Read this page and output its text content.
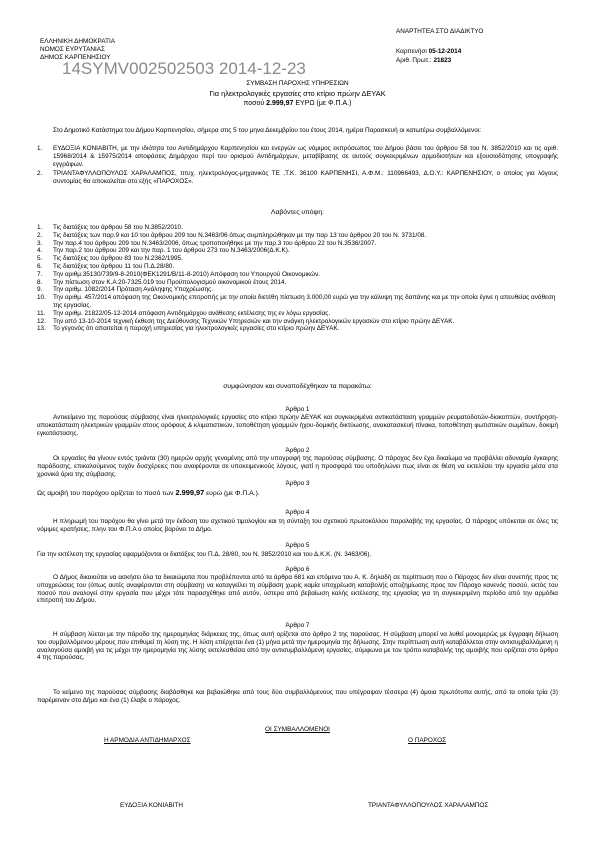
ΑΝΑΡΤΗΤΕΑ ΣΤΟ ΔΙΑΔΙΚΤΥΟ
ΕΛΛΗΝΙΚΗ ΔΗΜΟΚΡΑΤΙΑ
ΝΟΜΟΣ ΕΥΡΥΤΑΝΙΑΣ
ΔΗΜΟΣ ΚΑΡΠΕΝΗΣΙΟΥ
Καρπενήσι 05-12-2014
Αριθ. Πρωτ.: 21823
14SYMV002502503 2014-12-23
ΣΥΜΒΑΣΗ ΠΑΡΟΧΗΣ ΥΠΗΡΕΣΙΩΝ
Για ηλεκτρολογικές εργασίες στο κτίριο πρώην ΔΕΥΑΚ
ποσού 2.999,97 ΕΥΡΩ (με Φ.Π.Α.)
Στο Δημοτικό Κατάστημα του Δήμου Καρπενησίου, σήμερα στις 5 του μηνα Δεκεμβρίου του έτους 2014, ημέρα Παρασκευή οι κατωτέρω συμβαλλόμενοι:
1.	ΕΥΔΟΞΙΑ ΚΟΝΙΑΒΙΤΗ, με την ιδιότητα του Αντιδημάρχου Καρπενησίου και ενεργών ως νόμιμος εκπρόσωπος του Δήμου βάσει του άρθρου 58 του Ν. 3852/2010 και τις αριθ. 15968/2014 & 15975/2014 αποφάσεις Δημάρχου περί του ορισμού Αντιδημάρχων, μεταβίβασης σε αυτούς συγκεκριμένων αρμοδιοτήτων και εξουσιοδότησης υπογραφής εγγράφων.
2.	ΤΡΙΑΝΤΑΦΥΛΛΟΠΟΥΛΟΣ ΧΑΡΑΛΑΜΠΟΣ, πτυχ. ηλεκτρολόγος-μηχανικός ΤΕ ,Τ.Κ. 36100 ΚΑΡΠΕΝΗΣΙ, Α.Φ.Μ.: 110966493, Δ.Ο.Υ.: ΚΑΡΠΕΝΗΣΙΟΥ, ο οποίος για λόγους συντομίας θα αποκαλείται στο εξής «ΠΑΡΟΧΟΣ».
Λαβόντες υπόψη:
1.	Τις διατάξεις του άρθρου 58 του Ν.3852/2010.
2.	Τις διατάξεις των παρ.9 και 10 του άρθρου 209 του Ν.3463/06 όπως συμπληρώθηκαν με την παρ 13 του άρθρου 20 του Ν. 3731/08.
3.	Την παρ.4 του άρθρου 209 του Ν.3463/2006, όπως τροποποιήθηκε με την παρ.3 του άρθρου 22 του Ν.3536/2007.
4.	Την παρ.2 του άρθρου 209 και την παρ. 1 του άρθρου 273 του Ν.3463/2006(Δ.Κ.Κ).
5.	Τις διατάξεις του άρθρου 83 του Ν.2362/1995.
6.	Τις διατάξεις του άρθρου 11 του Π.Δ.28/80.
7.	Την αριθμ.35130/739/9-8-2010(ΦΕΚ1291/Β/11-8-2010) Απόφαση του Υπουργού Οικονομικών.
8.	Την πίστωση στον Κ.Α 20-7325.019 του Προϋπολογισμού οικονομικού έτους 2014.
9.	Την αριθμ. 1082/2014 Πρόταση Ανάληψης Υποχρέωσης.
10.	Την αριθμ. 457/2014 απόφαση της Οικονομικής επιτροπής με την οποία διετέθη πίστωση 3.000,00 ευρώ για την κάλυψη της δαπάνης και με την οποία έγινε η απευθείας ανάθεση της εργασίας.
11.	Την αριθμ. 21822/05-12-2014 απόφαση Αντιδημάρχου ανάθεσης εκτέλεσης της εν λόγω εργασίας.
12.	Την από 13-10-2014 τεχνική έκθεση της Διεύθυνσης Τεχνικών Υπηρεσιών και την ανάγκη ηλεκτρολογικών εργασιών στο κτίριο πρώην ΔΕΥΑΚ.
13.	Το γεγονός ότι απαιτείται η παροχή υπηρεσίας για ηλεκτρολογικές εργασίες στο κτίριο πρώην ΔΕΥΑΚ.
συμφώνησαν και συναποδέχθηκαν τα παρακάτω:
Άρθρο 1
Αντικείμενο της παρούσας σύμβασης είναι ηλεκτρολογικές εργασίες στο κτίριο πρώην ΔΕΥΑΚ και συγκεκριμένα αντικατάσταση γραμμών ρευματοδοτών-διακοπτών, συντήρηση-αποκατάσταση ηλεκτρικών γραμμών στους ορόφους & κλιματιστικών, τοποθέτηση γραμμών ήχου-δομικής δικτύωσης, ανακατασκευή πίνακα, τοποθέτηση φωτιστικών σωμάτων, δοκιμή εγκατάστασης.
Άρθρο 2
Οι εργασίες θα γίνουν εντός τριάντα (30) ημερών αρχής γενομένης από την υπογραφή της παρούσας σύμβασης. Ο πάροχος δεν έχει δικαίωμα να προβάλλει αδυναμία έγκαιρης παράδοσης, επικαλούμενος τυχόν δυσχέρειες που αναφέρονται σε υποκειμενικούς λόγους, γιατί η προσφορά του υποδηλώνει πως είναι σε θέση να εκτελέσει την εργασία μέσα στα χρονικά όρια της σύμβασης.
Άρθρο 3
Ως αμοιβή του παρόχου ορίζεται το ποσό των 2.999,97 ευρώ (με Φ.Π.Α.).
Άρθρο 4
Η πληρωμή του παρόχου θα γίνει μετά την έκδοση του σχετικού τιμολογίου και τη σύνταξη του σχετικού πρωτοκόλλου παραλαβής της εργασίας. Ο πάροχος υπόκειται σε όλες τις νόμιμες κρατήσεις, πλην του Φ.Π.Α ο οποίος βαρύνει το Δήμο.
Άρθρο 5
Για την εκτέλεση της εργασίας εφαρμόζονται οι διατάξεις του Π.Δ. 28/80, του Ν. 3852/2010 και του Δ.Κ.Κ. (Ν. 3463/06).
Άρθρο 6
Ο Δήμος δικαιούται να ασκήσει όλα τα δικαιώματα που προβλέπονται από τα άρθρα 681 και επόμενα του Α. Κ. δηλαδή σε περίπτωση που ο Πάροχος δεν είναι συνεπής προς τις υποχρεώσεις του (όπως αυτές αναφέρονται στη σύμβαση) να καταγγείλει τη σύμβαση χωρίς καμία υποχρέωση καταβολής αποζημίωσης προς τον Πάροχο κανενός ποσού, εκτός του ποσού που αναλογεί στην εργασία που μέχρι τότε παρασχέθηκε από αυτόν, ύστερα από βεβαίωση καλής εκτέλεσης της εργασίας για τη συγκεκριμένη περίοδο από την αρμόδια επιτροπή του Δήμου.
Άρθρο 7
Η σύμβαση λύεται με την πάροδο της ημερομηνίας διάρκειας της, όπως αυτή ορίζεται στο άρθρο 2 της παρούσας. Η σύμβαση μπορεί να λυθεί μονομερώς με έγγραφη δήλωση του συμβαλλόμενου μέρους που επιθυμεί τη λύση της. Η λύση επέρχεται ένα (1) μήνα μετά την ημερομηνία της δήλωσης. Στην περίπτωση αυτή καταβάλλεται στην αντισυμβαλλόμενη η αναλογούσα αμοιβή για τις μέχρι την ημερομηνία της λύσης εκτελεσθείσα από την αντισυμβαλλόμενη εργασίες, σύμφωνα με τον τρόπο καταβολής της αμοιβής που ορίζεται στο άρθρο 4 της παρούσας.
Το κείμενο της παρούσας σύμβασης διαβάσθηκε και βεβαιώθηκε από τους δύο συμβαλλόμενους που υπέγραψαν τέσσερα (4) όμοια πρωτότυπα αυτής, από τα οποία τρία (3) παρέμειναν στο Δήμο και ένα (1) έλαβε ο πάροχος.
ΟΙ ΣΥΜΒΑΛΛΟΜΕΝΟΙ
Η ΑΡΜΟΔΙΑ ΑΝΤΙΔΗΜΑΡΧΟΣ	Ο ΠΑΡΟΧΟΣ
ΕΥΔΟΞΙΑ ΚΟΝΙΑΒΙΤΗ	ΤΡΙΑΝΤΑΦΥΛΛΟΠΟΥΛΟΣ ΧΑΡΑΛΑΜΠΟΣ
